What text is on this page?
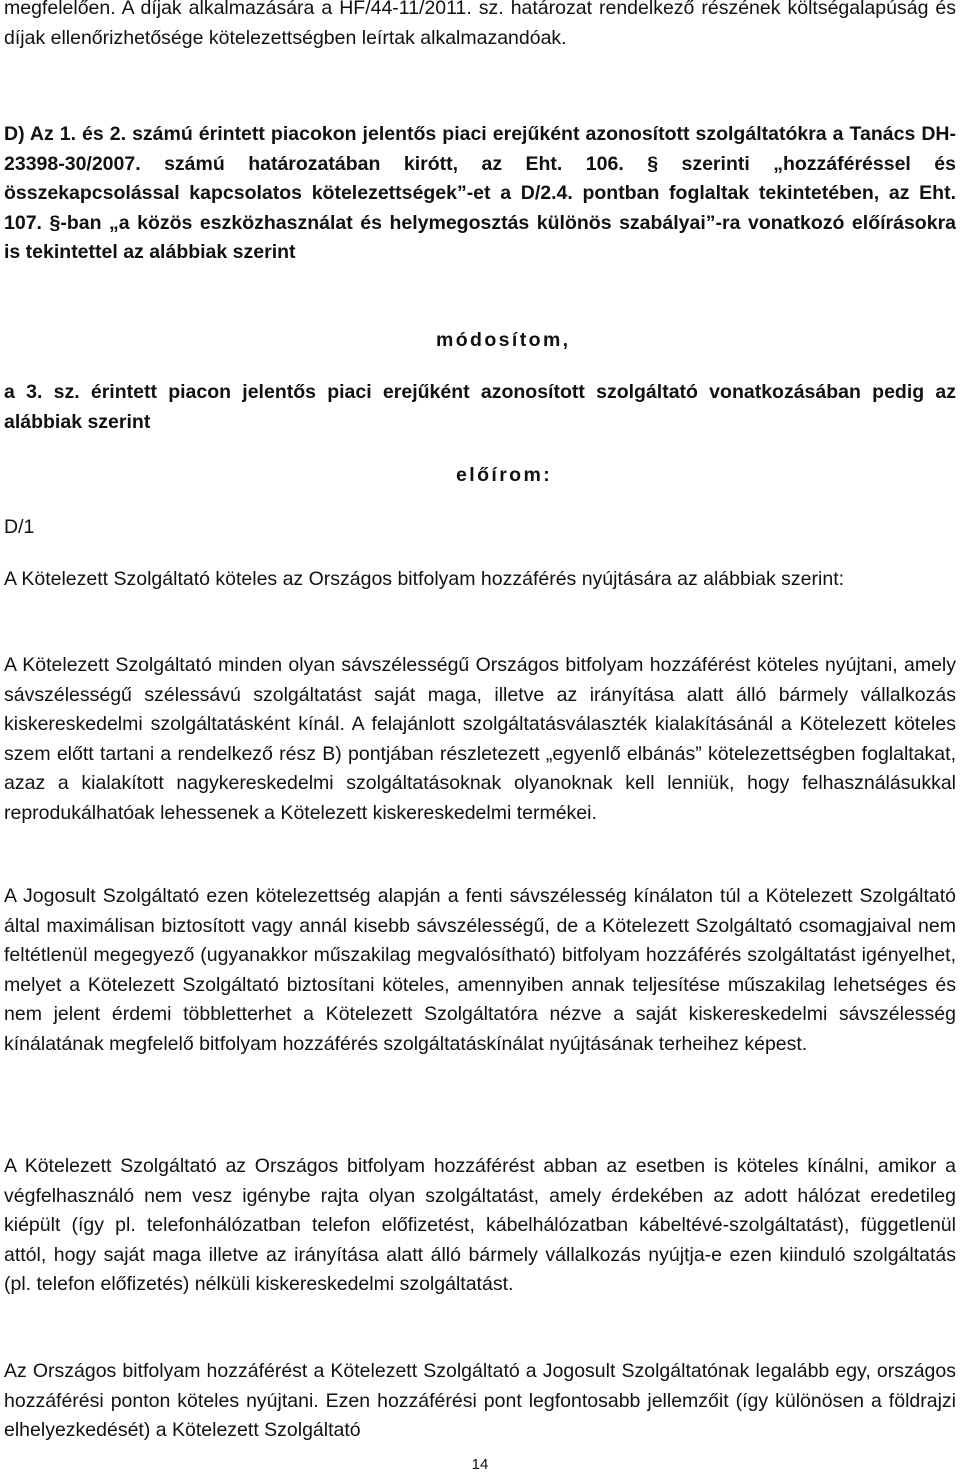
megfelelően. A díjak alkalmazására a HF/44-11/2011. sz. határozat rendelkező részének költségalapúság és díjak ellenőrizhetősége kötelezettségben leírtak alkalmazandóak.

D) Az 1. és 2. számú érintett piacokon jelentős piaci erejűként azonosított szolgáltatókra a Tanács DH-23398-30/2007. számú határozatában kirótt, az Eht. 106. § szerinti „hozzáféréssel és összekapcsolással kapcsolatos kötelezettségek”-et a D/2.4. pontban foglaltak tekintetében, az Eht. 107. §-ban „a közös eszközhasználat és helymegosztás különös szabályai”-ra vonatkozó előírásokra is tekintettel az alábbiak szerint

módosítom,

a 3. sz. érintett piacon jelentős piaci erejűként azonosított szolgáltató vonatkozásában pedig az alábbiak szerint

előírom:
D/1

A Kötelezett Szolgáltató köteles az Országos bitfolyam hozzáférés nyújtására az alábbiak szerint:

A Kötelezett Szolgáltató minden olyan sávszélességű Országos bitfolyam hozzáférést köteles nyújtani, amely sávszélességű szélessávú szolgáltatást saját maga, illetve az irányítása alatt álló bármely vállalkozás kiskereskedelmi szolgáltatásként kínál. A felajánlott szolgáltatásválaszték kialakításánál a Kötelezett köteles szem előtt tartani a rendelkező rész B) pontjában részletezett „egyenlő elbánás” kötelezettségben foglaltakat, azaz a kialakított nagykereskedelmi szolgáltatásoknak olyanoknak kell lenniük, hogy felhasználásukkal reprodukálhatóak lehessenek a Kötelezett kiskereskedelmi termékei.

A Jogosult Szolgáltató ezen kötelezettség alapján a fenti sávszélesség kínálaton túl a Kötelezett Szolgáltató által maximálisan biztosított vagy annál kisebb sávszélességű, de a Kötelezett Szolgáltató csomagjaival nem feltétlenül megegyező (ugyanakkor műszakilag megvalósítható) bitfolyam hozzáférés szolgáltatást igényelhet, melyet a Kötelezett Szolgáltató biztosítani köteles, amennyiben annak teljesítése műszakilag lehetséges és nem jelent érdemi többletterhet a Kötelezett Szolgáltatóra nézve a saját kiskereskedelmi sávszélesség kínálatának megfelelő bitfolyam hozzáférés szolgáltatáskínálat nyújtásának terheihez képest.

A Kötelezett Szolgáltató az Országos bitfolyam hozzáférést abban az esetben is köteles kínálni, amikor a végfelhasználó nem vesz igénybe rajta olyan szolgáltatást, amely érdekében az adott hálózat eredetileg kiépült (így pl. telefonhálózatban telefon előfizetést, kábelhálózatban kábeltévé-szolgáltatást), függetlenül attól, hogy saját maga illetve az irányítása alatt álló bármely vállalkozás nyújtja-e ezen kiinduló szolgáltatás (pl. telefon előfizetés) nélküli kiskereskedelmi szolgáltatást.

Az Országos bitfolyam hozzáférést a Kötelezett Szolgáltató a Jogosult Szolgáltatónak legalább egy, országos hozzáférési ponton köteles nyújtani. Ezen hozzáférési pont legfontosabb jellemzőit (így különösen a földrajzi elhelyezkedését) a Kötelezett Szolgáltató

14
